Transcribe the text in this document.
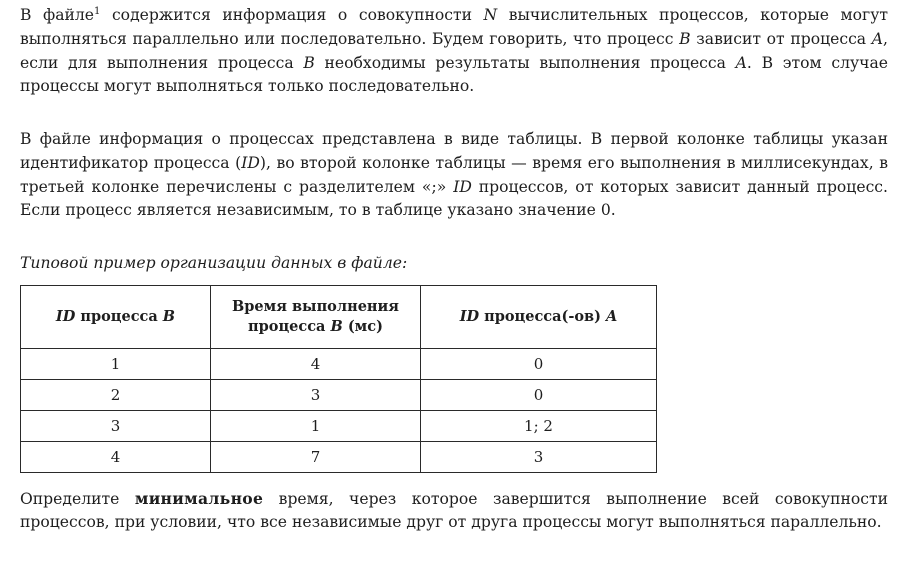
В файле$^1$ содержится информация о совокупности N вычислительных процессов, которые могут выполняться параллельно или последовательно. Будем говорить, что процесс B зависит от процесса A, если для выполнения процесса B необходимы результаты выполнения процесса A. В этом случае процессы могут выполняться только последовательно.

В файле информация о процессах представлена в виде таблицы. В первой колонке таблицы указан идентификатор процесса (ID), во второй колонке таблицы — время его выполнения в миллисекундах, в третьей колонке перечислены с разделителем «;» ID процессов, от которых зависит данный процесс. Если процесс является независимым, то в таблице указано значение 0.

Типовой пример организации данных в файле:

ID процесса B	Время выполнения процесса B (мс)	ID процесса(-ов) A
1	4	0
2	3	0
3	1	1; 2
4	7	3

Определите минимальное время, через которое завершится выполнение всей совокупности процессов, при условии, что все независимые друг от друга процессы могут выполняться параллельно.
